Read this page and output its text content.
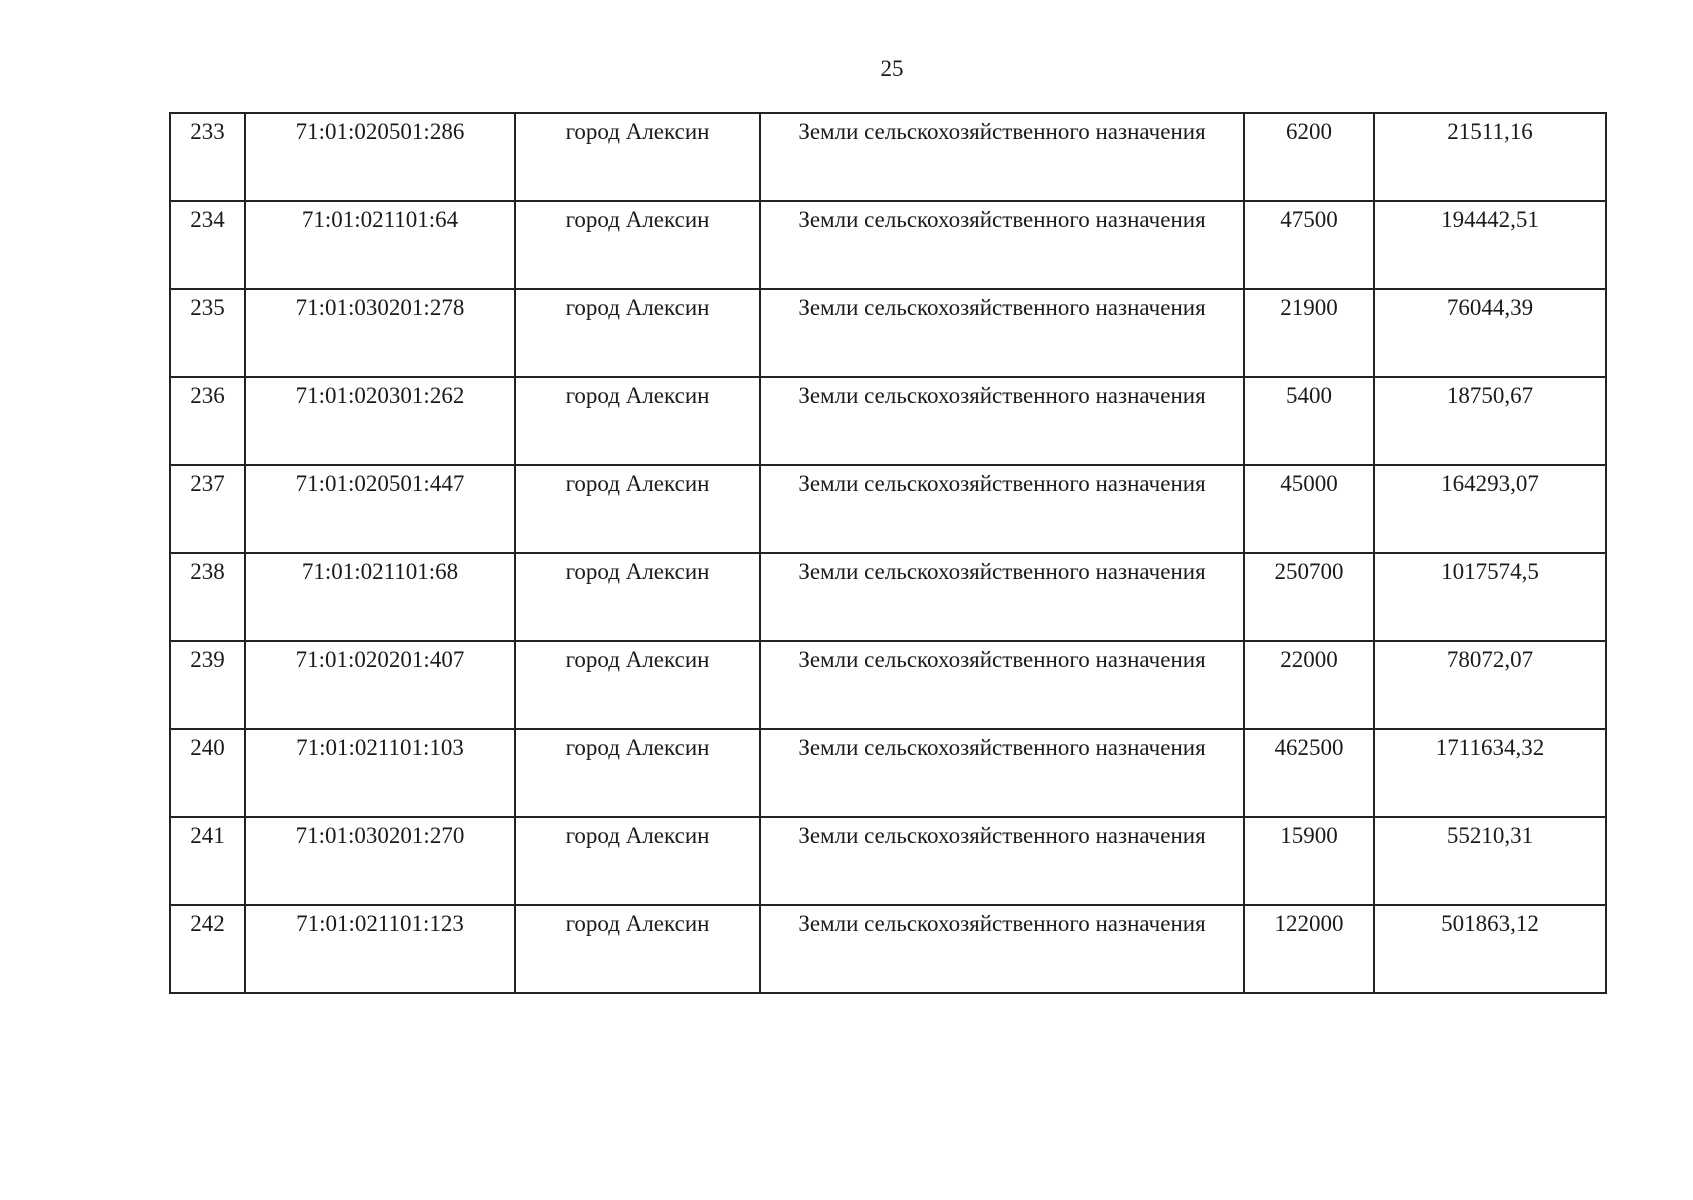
25
233	71:01:020501:286	город Алексин	Земли сельскохозяйственного назначения	6200	21511,16
234	71:01:021101:64	город Алексин	Земли сельскохозяйственного назначения	47500	194442,51
235	71:01:030201:278	город Алексин	Земли сельскохозяйственного назначения	21900	76044,39
236	71:01:020301:262	город Алексин	Земли сельскохозяйственного назначения	5400	18750,67
237	71:01:020501:447	город Алексин	Земли сельскохозяйственного назначения	45000	164293,07
238	71:01:021101:68	город Алексин	Земли сельскохозяйственного назначения	250700	1017574,5
239	71:01:020201:407	город Алексин	Земли сельскохозяйственного назначения	22000	78072,07
240	71:01:021101:103	город Алексин	Земли сельскохозяйственного назначения	462500	1711634,32
241	71:01:030201:270	город Алексин	Земли сельскохозяйственного назначения	15900	55210,31
242	71:01:021101:123	город Алексин	Земли сельскохозяйственного назначения	122000	501863,12
